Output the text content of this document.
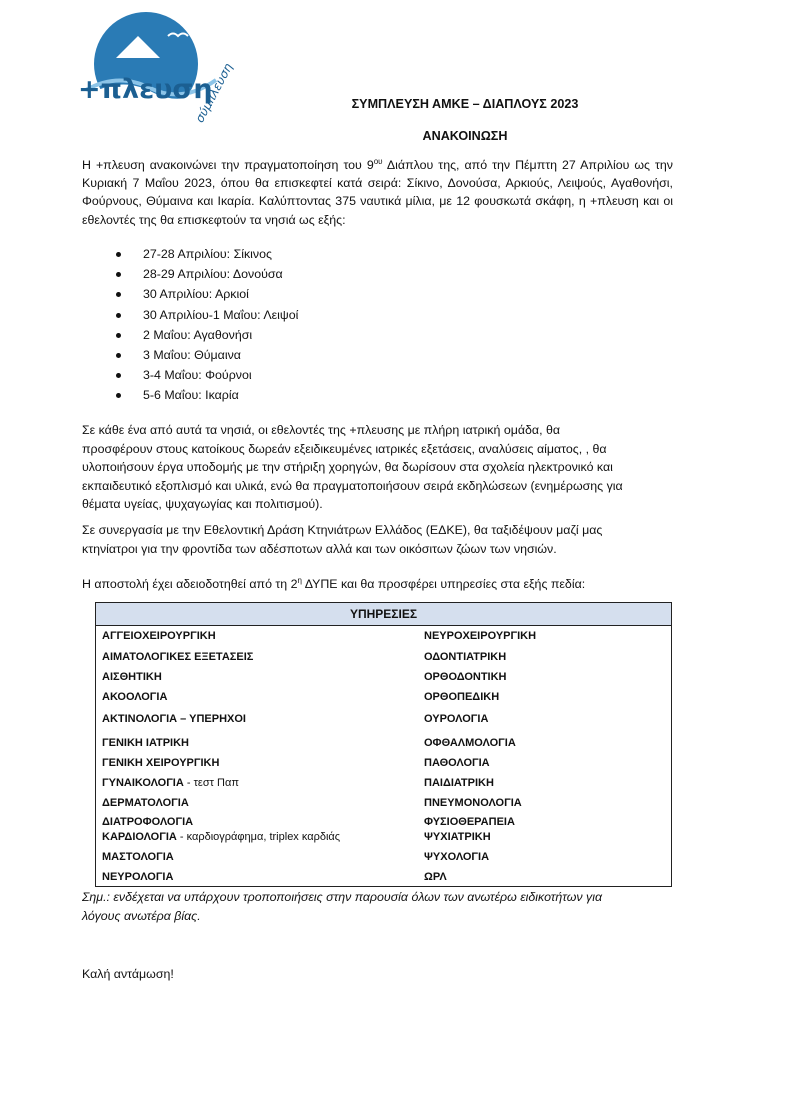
+πλευση
σύμπλευση	ΣΥΜΠΛΕΥΣΗ ΑΜΚΕ – ΔΙΑΠΛΟΥΣ 2023

ΑΝΑΚΟΙΝΩΣΗ

Η +πλευση ανακοινώνει την πραγματοποίηση του $9^{o\upsilon}$ Διάπλου της, από την Πέμπτη 27 Απριλίου ως την Κυριακή 7 Μαΐου 2023, όπου θα επισκεφτεί κατά σειρά: Σίκινο, Δονούσα, Αρκιούς, Λειψούς, Αγαθονήσι, Φούρνους, Θύμαινα και Ικαρία. Καλύπτοντας 375 ναυτικά μίλια, με 12 φουσκωτά σκάφη, η +πλευση και οι εθελοντές της θα επισκεφτούν τα νησιά ως εξής:

27-28 Απριλίου: Σίκινος
28-29 Απριλίου: Δονούσα
30 Απριλίου: Αρκιοί
30 Απριλίου-1 Μαΐου: Λειψοί
2 Μαΐου: Αγαθονήσι
3 Μαΐου: Θύμαινα
3-4 Μαΐου: Φούρνοι
5-6 Μαΐου: Ικαρία

Σε κάθε ένα από αυτά τα νησιά, οι εθελοντές της +πλευσης με πλήρη ιατρική ομάδα, θα
προσφέρουν στους κατοίκους δωρεάν εξειδικευμένες ιατρικές εξετάσεις, αναλύσεις αίματος, , θα
υλοποιήσουν έργα υποδομής με την στήριξη χορηγών, θα δωρίσουν στα σχολεία ηλεκτρονικό και
εκπαιδευτικό εξοπλισμό και υλικά, ενώ θα πραγματοποιήσουν σειρά εκδηλώσεων (ενημέρωσης για
θέματα υγείας, ψυχαγωγίας και πολιτισμού).

Σε συνεργασία με την Εθελοντική Δράση Κτηνιάτρων Ελλάδος (ΕΔΚΕ), θα ταξιδέψουν μαζί μας
κτηνίατροι για την φροντίδα των αδέσποτων αλλά και των οικόσιτων ζώων των νησιών.

Η αποστολή έχει αδειοδοτηθεί από τη $2^\eta$ ΔΥΠΕ και θα προσφέρει υπηρεσίες στα εξής πεδία:

ΥΠΗΡΕΣΙΕΣ
ΑΓΓΕΙΟΧΕΙΡΟΥΡΓΙΚΗ	ΝΕΥΡΟΧΕΙΡΟΥΡΓΙΚΗ
ΑΙΜΑΤΟΛΟΓΙΚΕΣ ΕΞΕΤΑΣΕΙΣ	ΟΔΟΝΤΙΑΤΡΙΚΗ
ΑΙΣΘΗΤΙΚΗ	ΟΡΘΟΔΟΝΤΙΚΗ
ΑΚΟΟΛΟΓΙΑ	ΟΡΘΟΠΕΔΙΚΗ
ΑΚΤΙΝΟΛΟΓΙΑ – ΥΠΕΡΗΧΟΙ	ΟΥΡΟΛΟΓΙΑ
ΓΕΝΙΚΗ ΙΑΤΡΙΚΗ	ΟΦΘΑΛΜΟΛΟΓΙΑ
ΓΕΝΙΚΗ ΧΕΙΡΟΥΡΓΙΚΗ	ΠΑΘΟΛΟΓΙΑ
ΓΥΝΑΙΚΟΛΟΓΙΑ - τεστ Παπ	ΠΑΙΔΙΑΤΡΙΚΗ
ΔΕΡΜΑΤΟΛΟΓΙΑ	ΠΝΕΥΜΟΝΟΛΟΓΙΑ
ΔΙΑΤΡΟΦΟΛΟΓΙΑ	ΦΥΣΙΟΘΕΡΑΠΕΙΑ
ΚΑΡΔΙΟΛΟΓΙΑ - καρδιογράφημα, triplex καρδιάς	ΨΥΧΙΑΤΡΙΚΗ
ΜΑΣΤΟΛΟΓΙΑ	ΨΥΧΟΛΟΓΙΑ
ΝΕΥΡΟΛΟΓΙΑ	ΩΡΛ

Σημ.: ενδέχεται να υπάρχουν τροποποιήσεις στην παρουσία όλων των ανωτέρω ειδικοτήτων για
λόγους ανωτέρα βίας.

Καλή αντάμωση!
